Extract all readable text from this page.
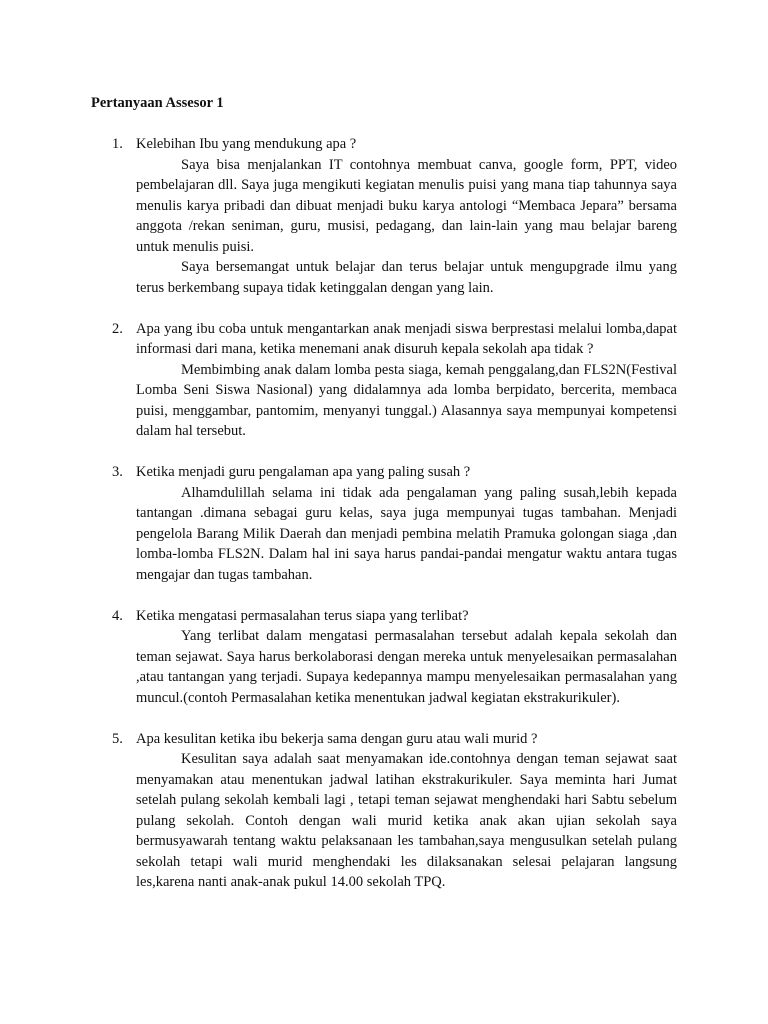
Pertanyaan Assesor 1
1. Kelebihan Ibu yang mendukung apa ?

Saya bisa menjalankan IT contohnya membuat canva, google form, PPT, video pembelajaran dll. Saya juga mengikuti kegiatan menulis puisi yang mana tiap tahunnya saya menulis karya pribadi dan dibuat menjadi buku karya antologi “Membaca Jepara” bersama anggota /rekan seniman, guru, musisi, pedagang, dan lain-lain yang mau belajar bareng untuk menulis puisi.

Saya bersemangat untuk belajar dan terus belajar untuk mengupgrade ilmu yang terus berkembang supaya tidak ketinggalan dengan yang lain.

2. Apa yang ibu coba untuk mengantarkan anak menjadi siswa berprestasi melalui lomba,dapat informasi dari mana, ketika menemani anak disuruh kepala sekolah apa tidak ?

Membimbing anak dalam lomba pesta siaga, kemah penggalang,dan FLS2N(Festival Lomba Seni Siswa Nasional) yang didalamnya ada lomba berpidato, bercerita, membaca puisi, menggambar, pantomim, menyanyi tunggal.) Alasannya saya mempunyai kompetensi dalam hal tersebut.

3. Ketika menjadi guru pengalaman apa yang paling susah ?

Alhamdulillah selama ini tidak ada pengalaman yang paling susah,lebih kepada tantangan .dimana sebagai guru kelas, saya juga mempunyai tugas tambahan. Menjadi pengelola Barang Milik Daerah dan menjadi pembina melatih Pramuka golongan siaga ,dan lomba-lomba FLS2N. Dalam hal ini saya harus pandai-pandai mengatur waktu antara tugas mengajar dan tugas tambahan.

4. Ketika mengatasi permasalahan terus siapa yang terlibat?

Yang terlibat dalam mengatasi permasalahan tersebut adalah kepala sekolah dan teman sejawat. Saya harus berkolaborasi dengan mereka untuk menyelesaikan permasalahan ,atau tantangan yang terjadi. Supaya kedepannya mampu menyelesaikan permasalahan yang muncul.(contoh Permasalahan ketika menentukan jadwal kegiatan ekstrakurikuler).

5. Apa kesulitan ketika ibu bekerja sama dengan guru atau wali murid ?

Kesulitan saya adalah saat menyamakan ide.contohnya dengan teman sejawat saat menyamakan atau menentukan jadwal latihan ekstrakurikuler. Saya meminta hari Jumat setelah pulang sekolah kembali lagi , tetapi teman sejawat menghendaki hari Sabtu sebelum pulang sekolah. Contoh dengan wali murid ketika anak akan ujian sekolah saya bermusyawarah tentang waktu pelaksanaan les tambahan,saya mengusulkan setelah pulang sekolah tetapi wali murid menghendaki les dilaksanakan selesai pelajaran langsung les,karena nanti anak-anak pukul 14.00 sekolah TPQ.
